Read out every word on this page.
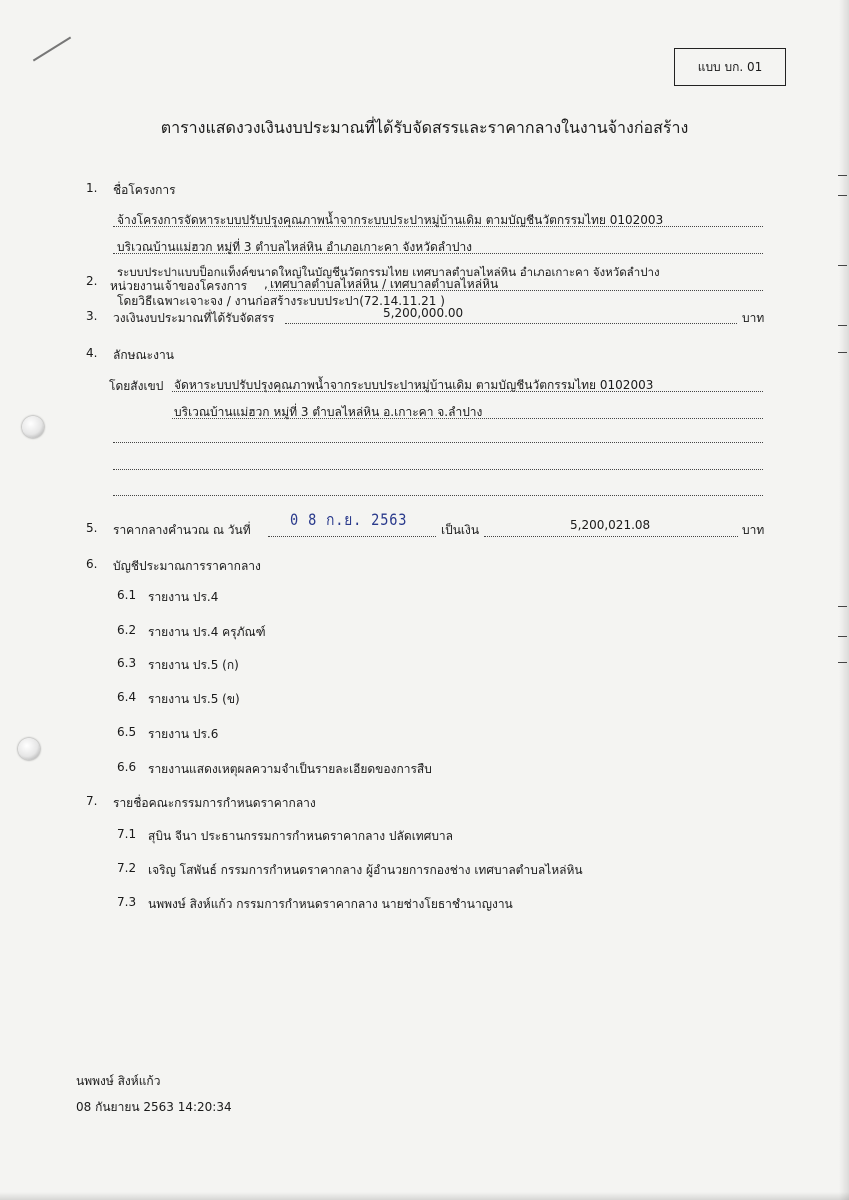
แบบ บก. 01
ตารางแสดงวงเงินงบประมาณที่ได้รับจัดสรรและราคากลางในงานจ้างก่อสร้าง
1. ชื่อโครงการ
จ้างโครงการจัดหาระบบปรับปรุงคุณภาพน้ำจากระบบประปาหมู่บ้านเดิม ตามบัญชีนวัตกรรมไทย 0102003
บริเวณบ้านแม่ฮวก หมู่ที่ 3 ตำบลไหล่หิน อำเภอเกาะคา จังหวัดลำปาง
ระบบประปาแบบป็อกแท็งค์ขนาดใหญ่ในบัญชีนวัตกรรมไทย เทศบาลตำบลไหล่หิน อำเภอเกาะคา จังหวัดลำปาง
2. หน่วยงานเจ้าของโครงการ , เทศบาลตำบลไหล่หิน / เทศบาลตำบลไหล่หิน
โดยวิธีเฉพาะเจาะจง / งานก่อสร้างระบบประปา(72.14.11.21 )
3. วงเงินงบประมาณที่ได้รับจัดสรร	5,200,000.00	บาท
4. ลักษณะงาน
โดยสังเขป จัดหาระบบปรับปรุงคุณภาพน้ำจากระบบประปาหมู่บ้านเดิม ตามบัญชีนวัตกรรมไทย 0102003
บริเวณบ้านแม่ฮวก หมู่ที่ 3 ตำบลไหล่หิน อ.เกาะคา จ.ลำปาง
5. ราคากลางคำนวณ ณ วันที่
0 8 ก.ย. 2563
เป็นเงิน	5,200,021.08	บาท
6. บัญชีประมาณการราคากลาง
6.1 รายงาน ปร.4
6.2 รายงาน ปร.4 ครุภัณฑ์
6.3 รายงาน ปร.5 (ก)
6.4 รายงาน ปร.5 (ข)
6.5 รายงาน ปร.6
6.6 รายงานแสดงเหตุผลความจำเป็นรายละเอียดของการสืบ
7. รายชื่อคณะกรรมการกำหนดราคากลาง
7.1 สุบิน จีนา ประธานกรรมการกำหนดราคากลาง ปลัดเทศบาล
7.2 เจริญ โสพันธ์ กรรมการกำหนดราคากลาง ผู้อำนวยการกองช่าง เทศบาลตำบลไหล่หิน
7.3 นพพงษ์ สิงห์แก้ว กรรมการกำหนดราคากลาง นายช่างโยธาชำนาญงาน
นพพงษ์ สิงห์แก้ว
08 กันยายน 2563 14:20:34
